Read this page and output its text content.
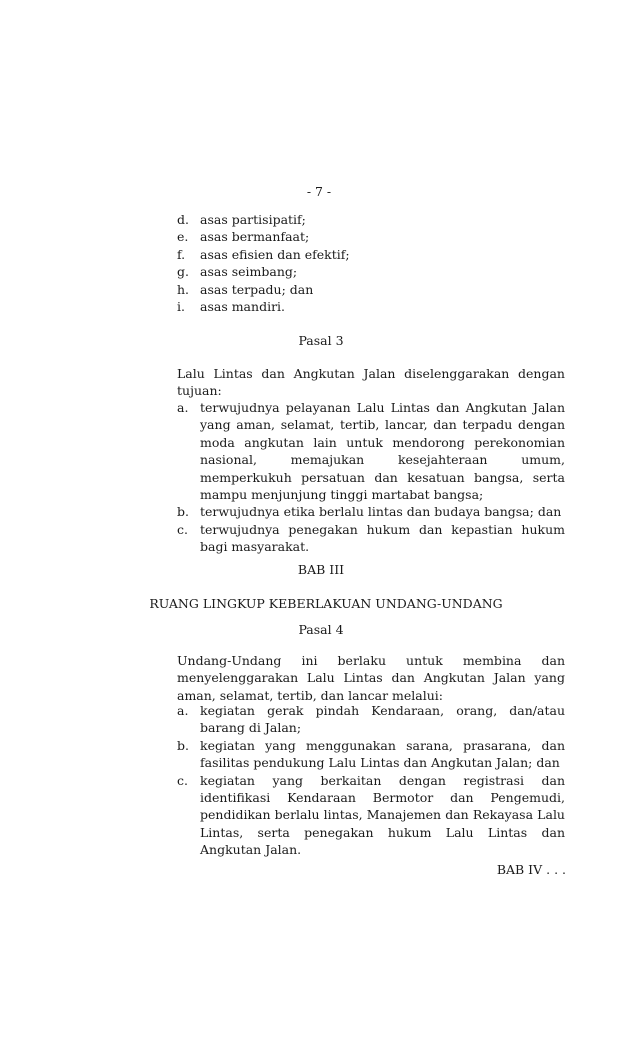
- 7 -
d. asas partisipatif;
e. asas bermanfaat;
f.	asas efisien dan efektif;
g. asas seimbang;
h. asas terpadu; dan
i.	asas mandiri.
Pasal 3
Lalu Lintas dan Angkutan Jalan diselenggarakan dengan tujuan:
a. terwujudnya pelayanan Lalu Lintas dan Angkutan Jalan yang aman, selamat, tertib, lancar, dan terpadu dengan moda angkutan lain untuk mendorong perekonomian nasional, memajukan kesejahteraan umum, memperkukuh persatuan dan kesatuan bangsa, serta mampu menjunjung tinggi martabat bangsa;
b. terwujudnya etika berlalu lintas dan budaya bangsa; dan
c. terwujudnya penegakan hukum dan kepastian hukum bagi masyarakat.
BAB III
RUANG LINGKUP KEBERLAKUAN UNDANG-UNDANG
Pasal 4
Undang-Undang ini berlaku untuk membina dan menyelenggarakan Lalu Lintas dan Angkutan Jalan yang aman, selamat, tertib, dan lancar melalui:
a. kegiatan gerak pindah Kendaraan, orang, dan/atau barang di Jalan;
b. kegiatan yang menggunakan sarana, prasarana, dan fasilitas pendukung Lalu Lintas dan Angkutan Jalan; dan
c. kegiatan yang berkaitan dengan registrasi dan identifikasi Kendaraan Bermotor dan Pengemudi, pendidikan berlalu lintas, Manajemen dan Rekayasa Lalu Lintas, serta penegakan hukum Lalu Lintas dan Angkutan Jalan.
BAB IV . . .
